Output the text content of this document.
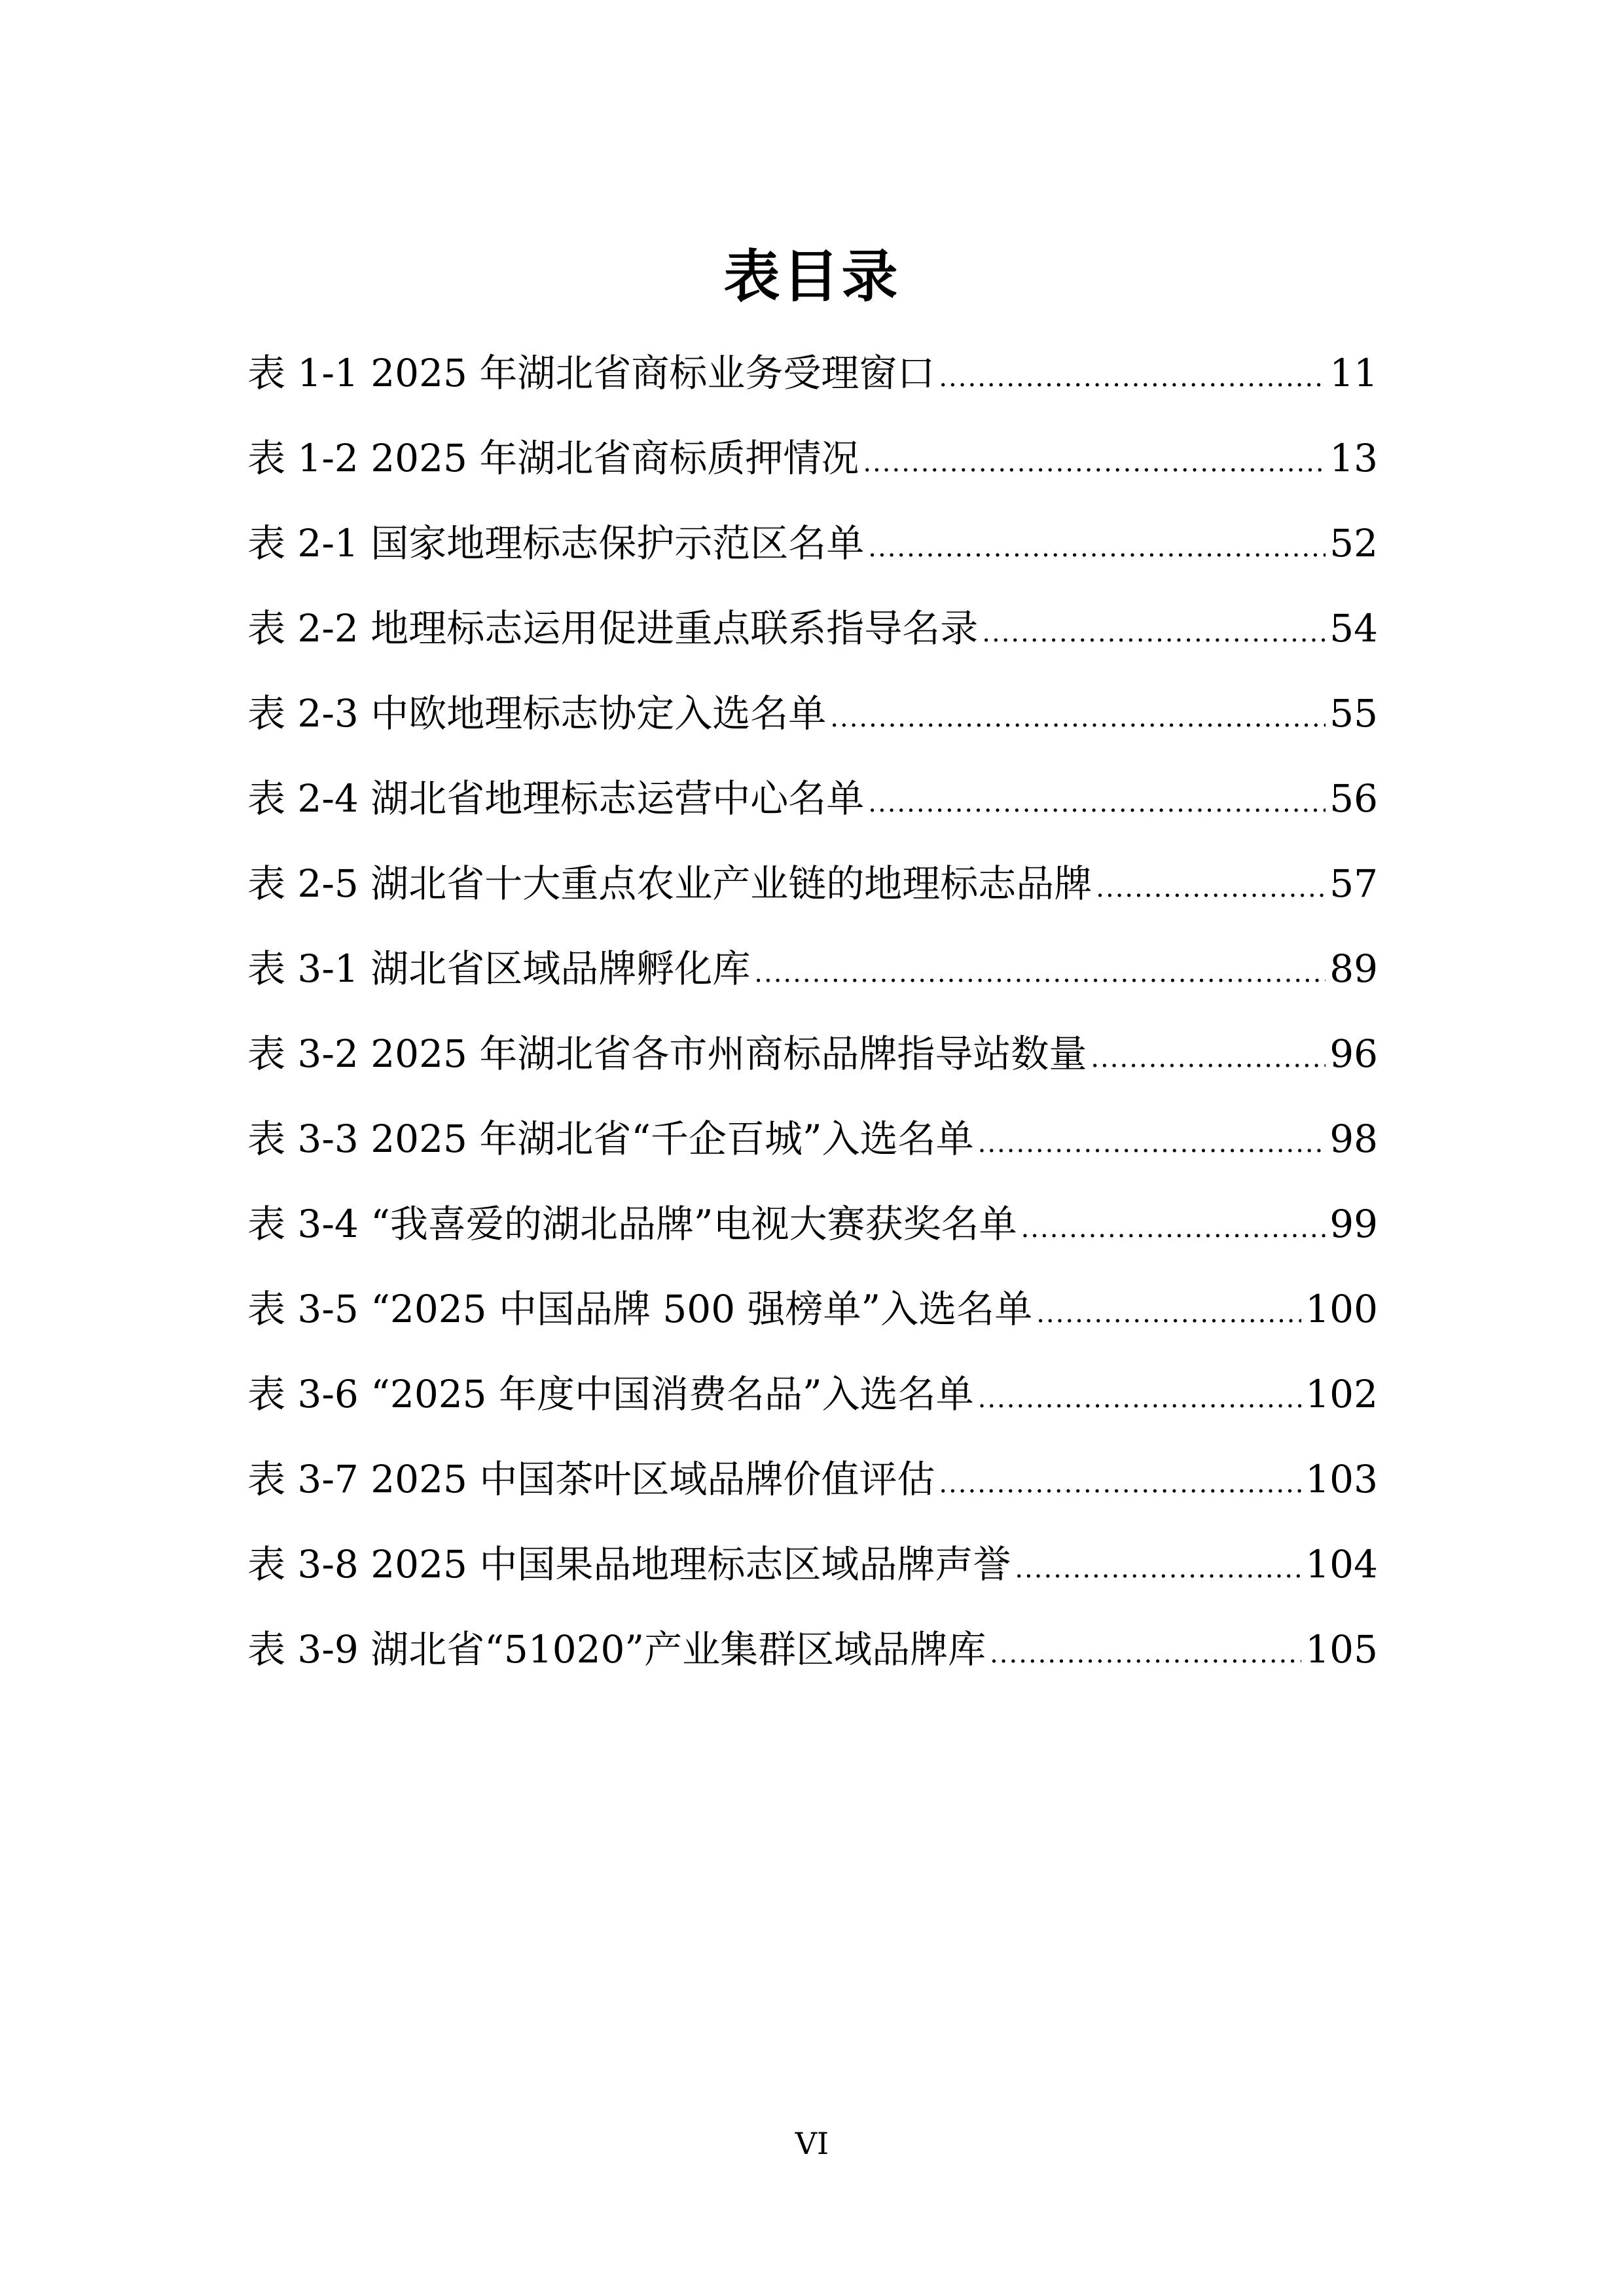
表目录
表 1-1 2025 年湖北省商标业务受理窗口 .....	11
表 1-2 2025 年湖北省商标质押情况 .....	13
表 2-1 国家地理标志保护示范区名单 .....	52
表 2-2 地理标志运用促进重点联系指导名录 .....	54
表 2-3 中欧地理标志协定入选名单 .....	55
表 2-4 湖北省地理标志运营中心名单 .....	56
表 2-5 湖北省十大重点农业产业链的地理标志品牌 .....	57
表 3-1 湖北省区域品牌孵化库 .....	89
表 3-2 2025 年湖北省各市州商标品牌指导站数量 .....	96
表 3-3 2025 年湖北省“千企百城”入选名单 .....	98
表 3-4 “我喜爱的湖北品牌”电视大赛获奖名单 .....	99
表 3-5 “2025 中国品牌 500 强榜单”入选名单 .....	100
表 3-6 “2025 年度中国消费名品”入选名单 .....	102
表 3-7 2025 中国茶叶区域品牌价值评估 .....	103
表 3-8 2025 中国果品地理标志区域品牌声誉 .....	104
表 3-9 湖北省“51020”产业集群区域品牌库 .....	105
VI
